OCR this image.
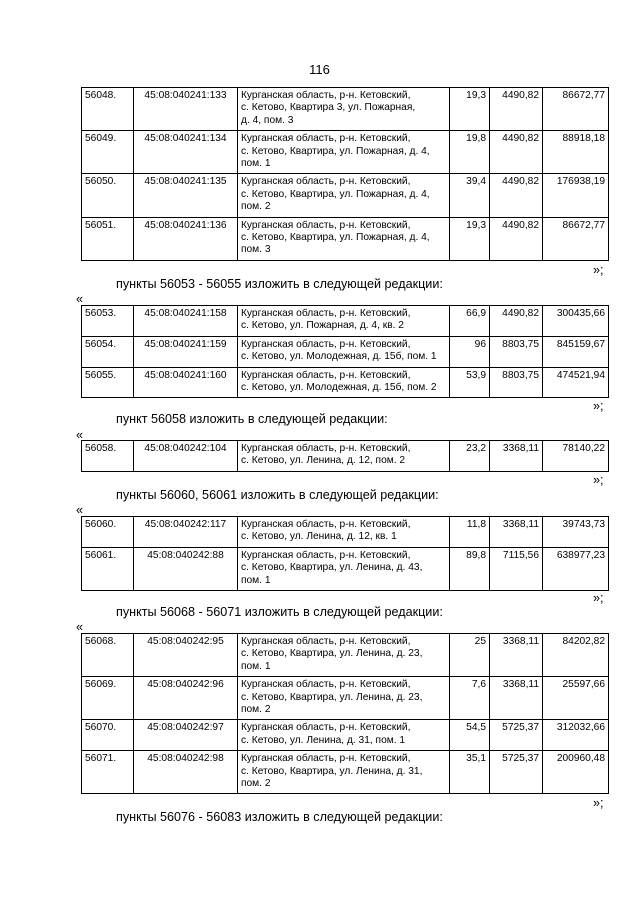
116
56048.	45:08:040241:133	Курганская область, р-н. Кетовский,
с. Кетово, Квартира 3, ул. Пожарная,
д. 4, пом. 3	19,3	4490,82	86672,77
56049.	45:08:040241:134	Курганская область, р-н. Кетовский,
с. Кетово, Квартира, ул. Пожарная, д. 4,
пом. 1	19,8	4490,82	88918,18
56050.	45:08:040241:135	Курганская область, р-н. Кетовский,
с. Кетово, Квартира, ул. Пожарная, д. 4,
пом. 2	39,4	4490,82	176938,19
56051.	45:08:040241:136	Курганская область, р-н. Кетовский,
с. Кетово, Квартира, ул. Пожарная, д. 4,
пом. 3	19,3	4490,82	86672,77
»;
пункты 56053 - 56055 изложить в следующей редакции:
«
56053.	45:08:040241:158	Курганская область, р-н. Кетовский,
с. Кетово, ул. Пожарная, д. 4, кв. 2	66,9	4490,82	300435,66
56054.	45:08:040241:159	Курганская область, р-н. Кетовский,
с. Кетово, ул. Молодежная, д. 15б, пом. 1	96	8803,75	845159,67
56055.	45:08:040241:160	Курганская область, р-н. Кетовский,
с. Кетово, ул. Молодежная, д. 15б, пом. 2	53,9	8803,75	474521,94
»;
пункт 56058 изложить в следующей редакции:
«
56058.	45:08:040242:104	Курганская область, р-н. Кетовский,
с. Кетово, ул. Ленина, д. 12, пом. 2
	23,2	3368,11	78140,22
»;
пункты 56060, 56061 изложить в следующей редакции:
«
56060.	45:08:040242:117	Курганская область, р-н. Кетовский,
с. Кетово, ул. Ленина, д. 12, кв. 1	11,8	3368,11	39743,73
56061.	45:08:040242:88	Курганская область, р-н. Кетовский,
с. Кетово, Квартира, ул. Ленина, д. 43,
пом. 1	89,8	7115,56	638977,23
»;
пункты 56068 - 56071 изложить в следующей редакции:
«
56068.	45:08:040242:95	Курганская область, р-н. Кетовский,
с. Кетово, Квартира, ул. Ленина, д. 23,
пом. 1	25	3368,11	84202,82
56069.	45:08:040242:96	Курганская область, р-н. Кетовский,
с. Кетово, Квартира, ул. Ленина, д. 23,
пом. 2	7,6	3368,11	25597,66
56070.	45:08:040242:97	Курганская область, р-н. Кетовский,
с. Кетово, ул. Ленина, д. 31, пом. 1	54,5	5725,37	312032,66
56071.	45:08:040242:98	Курганская область, р-н. Кетовский,
с. Кетово, Квартира, ул. Ленина, д. 31,
пом. 2	35,1	5725,37	200960,48
»;
пункты 56076 - 56083 изложить в следующей редакции:
